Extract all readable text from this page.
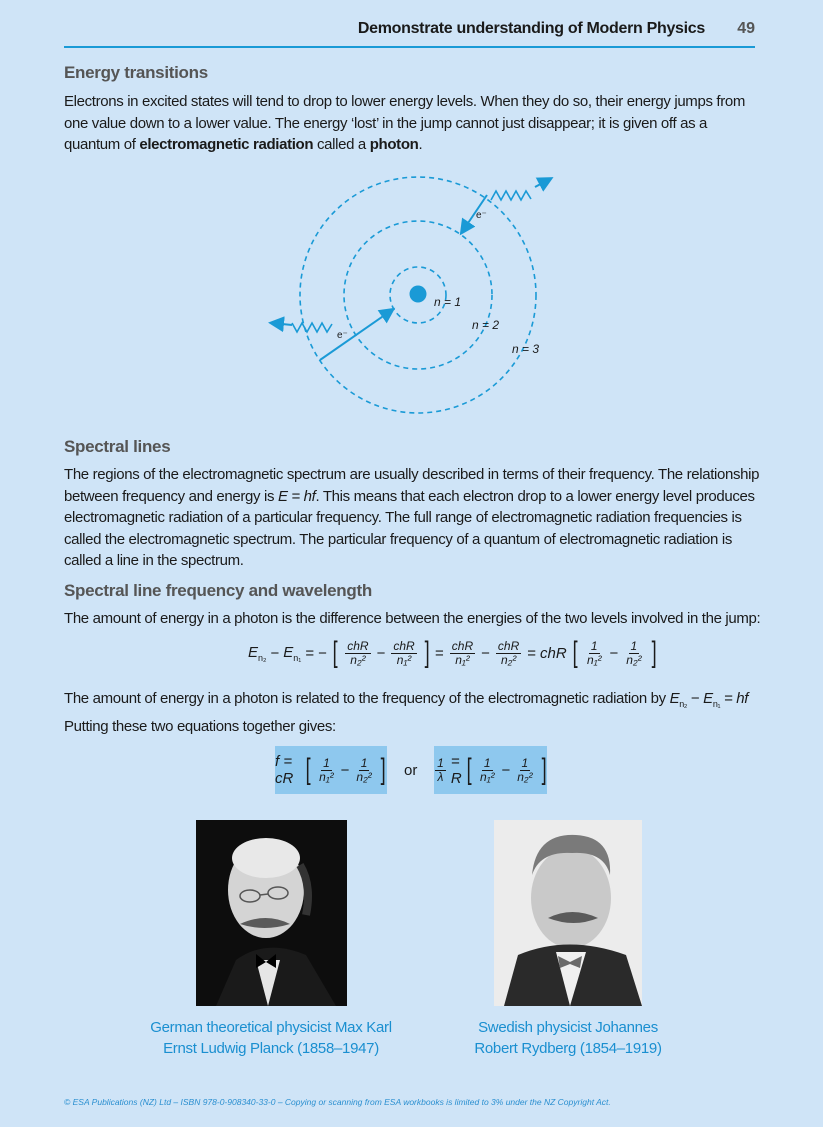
Demonstrate understanding of Modern Physics 49
Energy transitions

Electrons in excited states will tend to drop to lower energy levels. When they do so, their energy jumps from one value down to a lower value. The energy ‘lost’ in the jump cannot just disappear; it is given off as a quantum of electromagnetic radiation called a photon.

e⁻
e⁻
n = 1
n = 2
n = 3
Spectral lines

The regions of the electromagnetic spectrum are usually described in terms of their frequency. The relationship between frequency and energy is E = hf. This means that each electron drop to a lower energy level produces electromagnetic radiation of a particular frequency. The full range of electromagnetic radiation frequencies is called the electromagnetic spectrum. The particular frequency of a quantum of electromagnetic radiation is called a line in the spectrum.

Spectral line frequency and wavelength

The amount of energy in a photon is the difference between the energies of the two levels involved in the jump:

$E_{n_2} - E_{n_1}$ = − [ $\frac{\text{chR}}{\text{n₂²}} - \frac{\text{chR}}{\text{n₁²}}$ ] = $\frac{\text{chR}}{\text{n₁²}} - \frac{\text{chR}}{\text{n₂²}}$ = chR [ $\frac{1}{\text{n₁²}} - \frac{1}{\text{n₂²}}$ ]

The amount of energy in a photon is related to the frequency of the electromagnetic radiation by $E_{n_2} - E_{n_1}$ = hf

Putting these two equations together gives:

f = cR [ $\frac{1}{\text{n₁²}} - \frac{1}{\text{n₂²}}$ ] or $\frac{1}{\lambda} = R$ [ $\frac{1}{\text{n₁²}} - \frac{1}{\text{n₂²}}$ ]
German theoretical physicist Max Karl
Ernst Ludwig Planck (1858–1947)
Swedish physicist Johannes
Robert Rydberg (1854–1919)
© ESA Publications (NZ) Ltd – ISBN 978-0-908340-33-0 – Copying or scanning from ESA workbooks is limited to 3% under the NZ Copyright Act.
